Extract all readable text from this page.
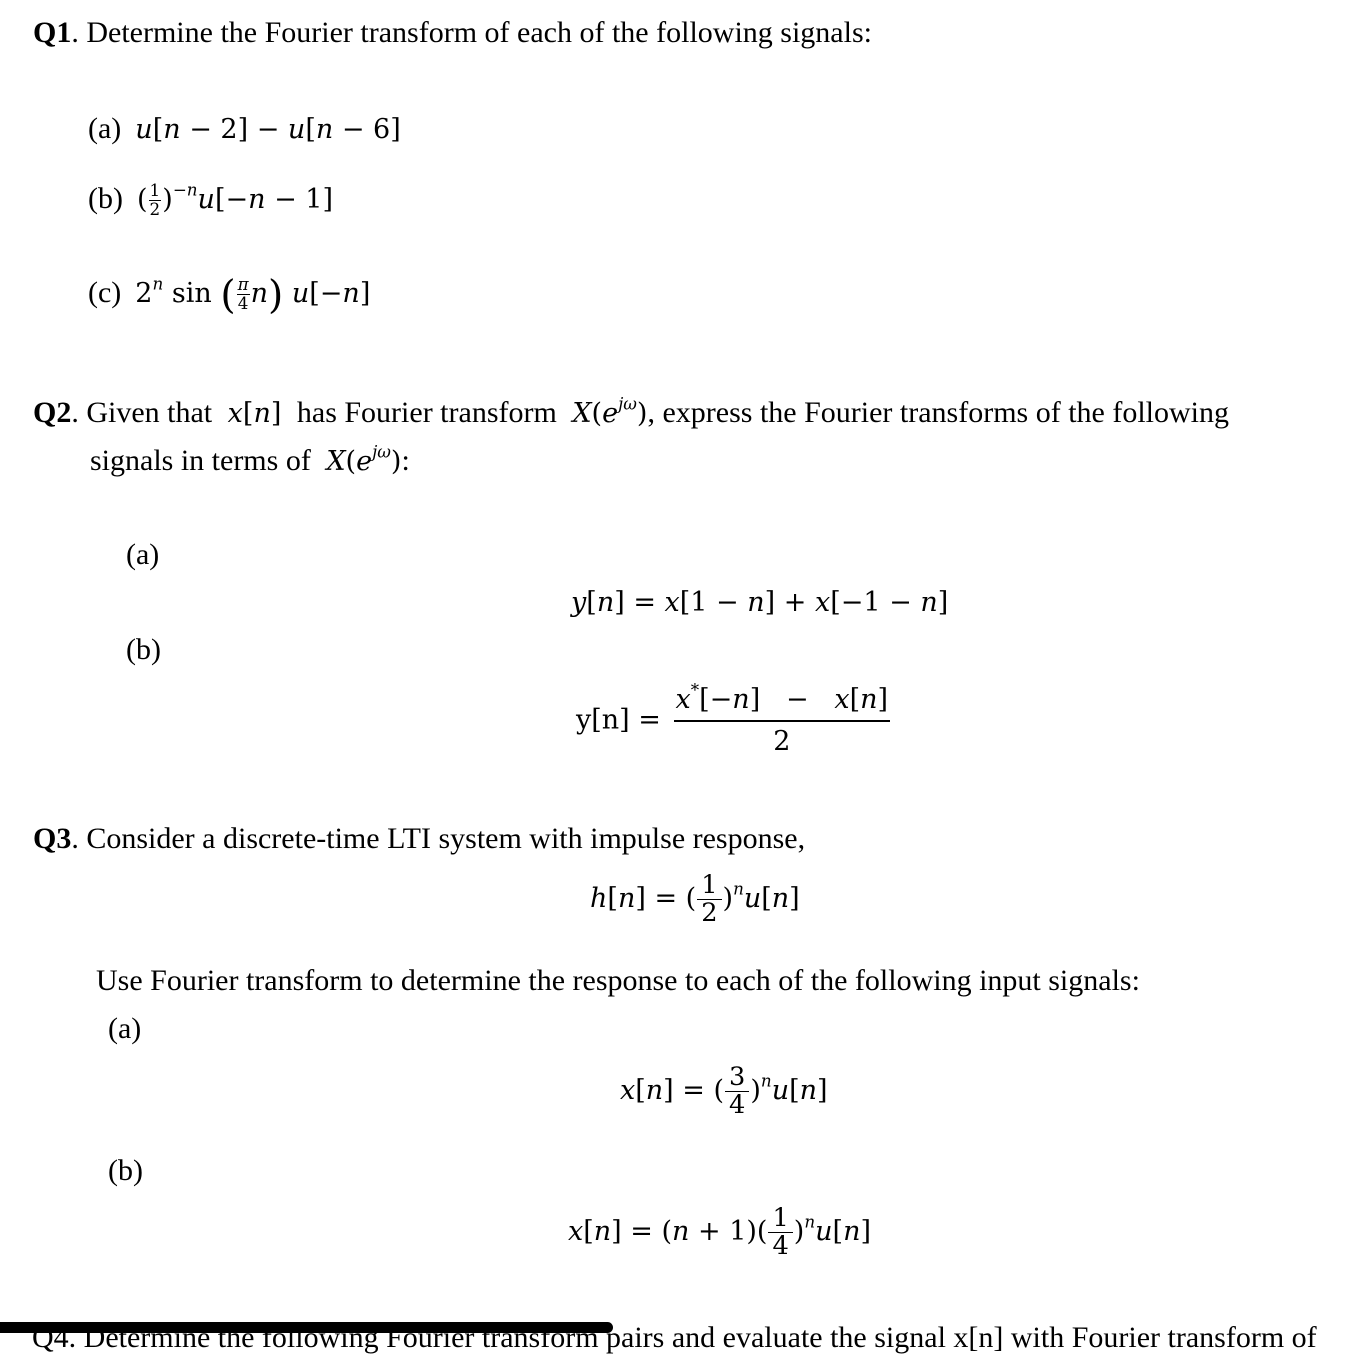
Q1. Determine the Fourier transform of each of the following signals:
(a) u[n − 2] − u[n − 6]
(b) ( $\frac{1}{2} )^{-n}u[-n - 1]$
(c) 2$^n$ sin ( $\frac{\pi}{4} n$) u[−n]
Q2. Given that x[n] has Fourier transform $X(e^{j\omega})$, express the Fourier transforms of the following
signals in terms of $X(e^{j\omega})$:
(a)
y[n] = x[1 − n] + x[−1 − n]
(b)
$y[n] = \frac{x^*[-n] - x[n]}{2}$
Q3. Consider a discrete-time LTI system with impulse response,
h[n] = ( $\frac{1}{2} )^nu[n]$
Use Fourier transform to determine the response to each of the following input signals:
(a)
x[n] = ( $\frac{3}{4} )^nu[n]$
(b)
$x[n] = (n + 1)( \frac{1}{4} )^nu[n]$
Q4. Determine the following Fourier transform pairs and evaluate the signal x[n] with Fourier transform of
